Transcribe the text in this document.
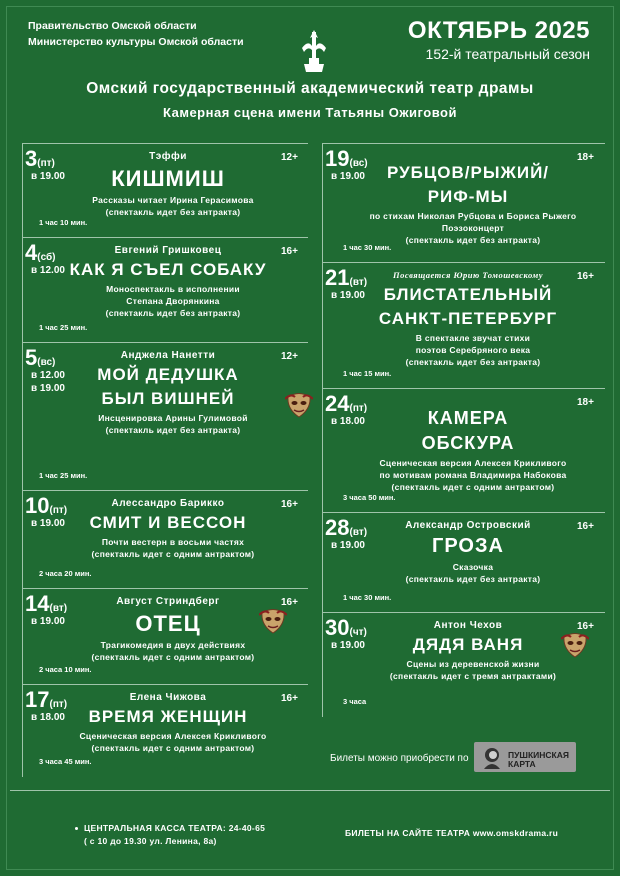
Правительство Омской области
Министерство культуры Омской области	ОКТЯБРЬ 2025
152-й театральный сезон
Омский государственный академический театр драмы
Камерная сцена имени Татьяны Ожиговой
3(пт)
в 19.00
12+
Тэффи
КИШМИШ
Рассказы читает Ирина Герасимова
(спектакль идет без антракта)
1 час 10 мин.
4(сб)
в 12.00
16+
Евгений Гришковец
КАК Я СЪЕЛ СОБАКУ
Моноспектакль в исполнении
Степана Дворянкина
(спектакль идет без антракта)
1 час 25 мин.
5(вс)
в 12.00
в 19.00
12+
Анджела Нанетти
МОЙ ДЕДУШКА
БЫЛ ВИШНЕЙ
Инсценировка Арины Гулимовой
(спектакль идет без антракта)
1 час 25 мин.
10(пт)
в 19.00
16+
Алессандро Барикко
СМИТ И ВЕССОН
Почти вестерн в восьми частях
(спектакль идет с одним антрактом)
2 часа 20 мин.
14(вт)
в 19.00
16+
Август Стриндберг
ОТЕЦ
Трагикомедия в двух действиях
(спектакль идет с одним антрактом)
2 часа 10 мин.
17(пт)
в 18.00
16+
Елена Чижова
ВРЕМЯ ЖЕНЩИН
Сценическая версия Алексея Крикливого
(спектакль идет с одним антрактом)
3 часа 45 мин.
19(вс)
в 19.00
18+
РУБЦОВ/РЫЖИЙ/
РИФ-МЫ
по стихам Николая Рубцова и Бориса Рыжего
Поэзоконцерт
(спектакль идет без антракта)
1 час 30 мин.
21(вт)
в 19.00
16+
Посвящается Юрию Томошевскому
БЛИСТАТЕЛЬНЫЙ
САНКТ-ПЕТЕРБУРГ
В спектакле звучат стихи
поэтов Серебряного века
(спектакль идет без антракта)
1 час 15 мин.
24(пт)
в 18.00
18+
КАМЕРА
ОБСКУРА
Сценическая версия Алексея Крикливого
по мотивам романа Владимира Набокова
(спектакль идет с одним антрактом)
3 часа 50 мин.
28(вт)
в 19.00
16+
Александр Островский
ГРОЗА
Сказочка
(спектакль идет без антракта)
1 час 30 мин.
30(чт)
в 19.00
16+
Антон Чехов
ДЯДЯ ВАНЯ
Сцены из деревенской жизни
(спектакль идет с тремя антрактами)
3 часа
Билеты можно приобрести по	ПУШКИНСКАЯ
КАРТА
ЦЕНТРАЛЬНАЯ КАССА ТЕАТРА: 24-40-65
( с 10 до 19.30 ул. Ленина, 8а)
БИЛЕТЫ НА САЙТЕ ТЕАТРА www.omskdrama.ru
